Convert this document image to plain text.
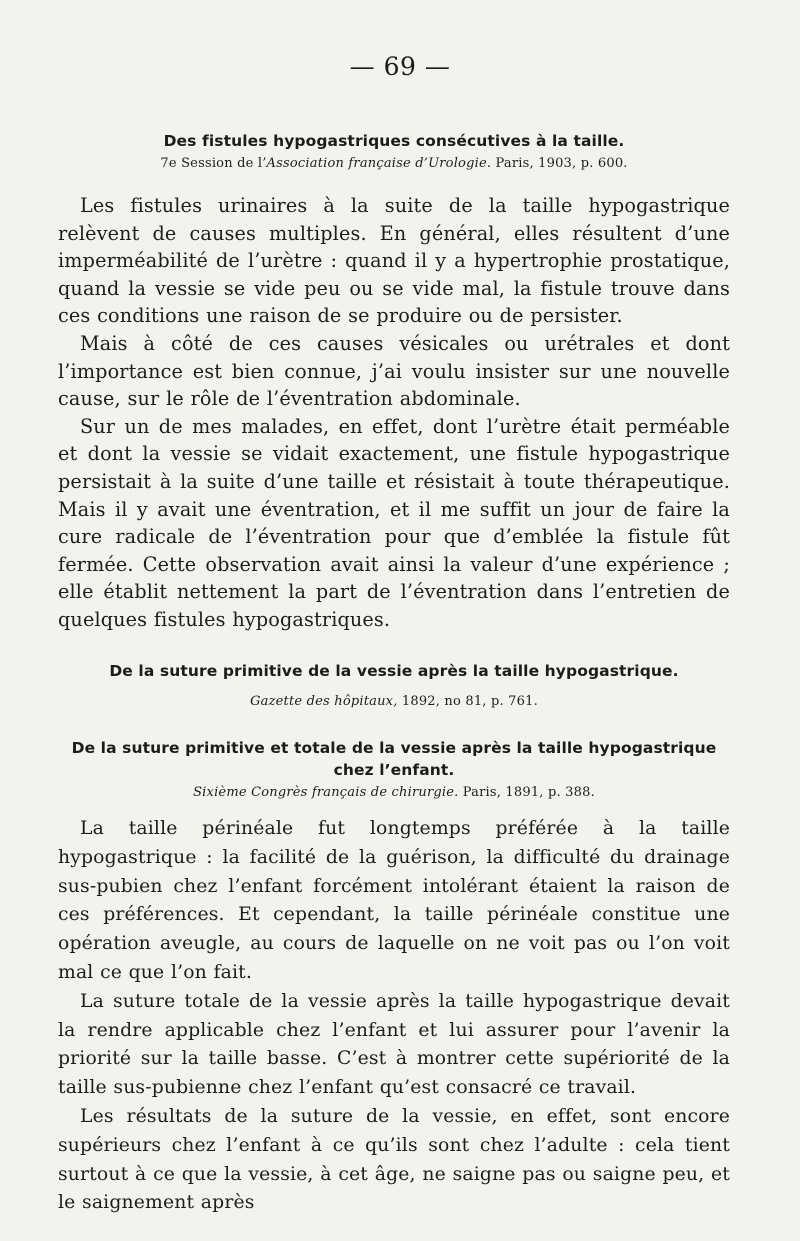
— 69 —
Des fistules hypogastriques consécutives à la taille.

7e Session de l’Association française d’Urologie. Paris, 1903, p. 600.

Les fistules urinaires à la suite de la taille hypogastrique relèvent de causes multiples. En général, elles résultent d’une imperméabilité de l’urètre : quand il y a hypertrophie prostatique, quand la vessie se vide peu ou se vide mal, la fistule trouve dans ces conditions une raison de se produire ou de persister.

Mais à côté de ces causes vésicales ou urétrales et dont l’importance est bien connue, j’ai voulu insister sur une nouvelle cause, sur le rôle de l’éventration abdominale.

Sur un de mes malades, en effet, dont l’urètre était perméable et dont la vessie se vidait exactement, une fistule hypogastrique persistait à la suite d’une taille et résistait à toute thérapeutique. Mais il y avait une éventration, et il me suffit un jour de faire la cure radicale de l’éventration pour que d’emblée la fistule fût fermée. Cette observation avait ainsi la valeur d’une expérience ; elle établit nettement la part de l’éventration dans l’entretien de quelques fistules hypogastriques.

De la suture primitive de la vessie après la taille hypogastrique.

Gazette des hôpitaux, 1892, no 81, p. 761.

De la suture primitive et totale de la vessie après la taille hypogastrique chez l’enfant.

Sixième Congrès français de chirurgie. Paris, 1891, p. 388.

La taille périnéale fut longtemps préférée à la taille hypogastrique : la facilité de la guérison, la difficulté du drainage sus-pubien chez l’enfant forcément intolérant étaient la raison de ces préférences. Et cependant, la taille périnéale constitue une opération aveugle, au cours de laquelle on ne voit pas ou l’on voit mal ce que l’on fait.

La suture totale de la vessie après la taille hypogastrique devait la rendre applicable chez l’enfant et lui assurer pour l’avenir la priorité sur la taille basse. C’est à montrer cette supériorité de la taille sus-pubienne chez l’enfant qu’est consacré ce travail.

Les résultats de la suture de la vessie, en effet, sont encore supérieurs chez l’enfant à ce qu’ils sont chez l’adulte : cela tient surtout à ce que la vessie, à cet âge, ne saigne pas ou saigne peu, et le saignement après
